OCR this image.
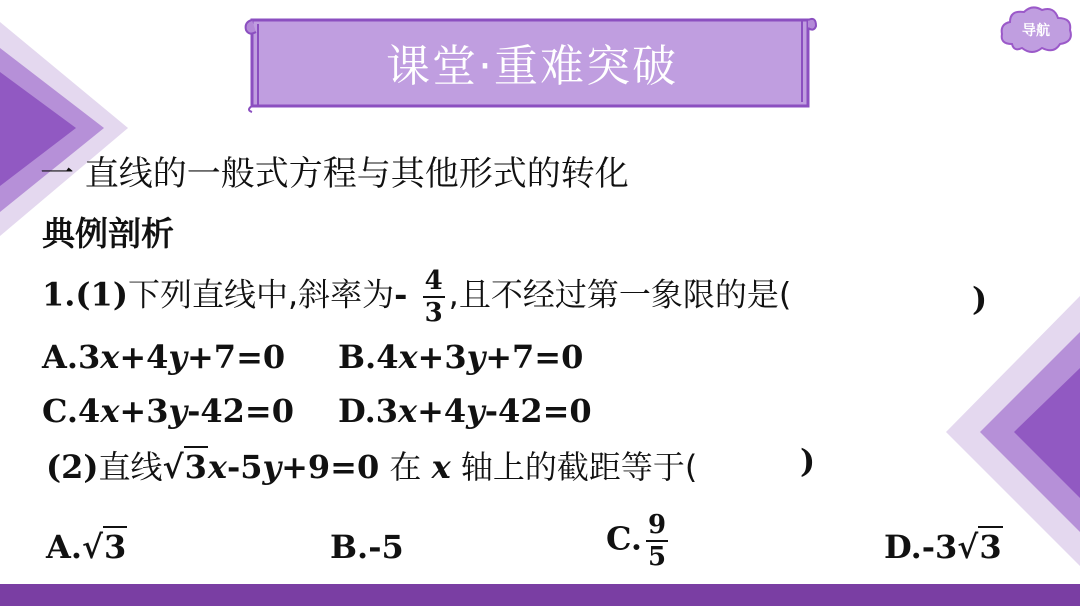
课堂·重难突破
导航
一 直线的一般式方程与其他形式的转化
典例剖析
1.(1)下列直线中,斜率为- $\frac{4}{3}$ ,且不经过第一象限的是(	)
A.3x+4y+7=0 B.4x+3y+7=0
C.4x+3y-42=0 D.3x+4y-42=0
(2)直线√3x-5y+9=0 在 x 轴上的截距等于(	)
A.√3	B.-5	C. $\frac{9}{5}$	D.-3√3
